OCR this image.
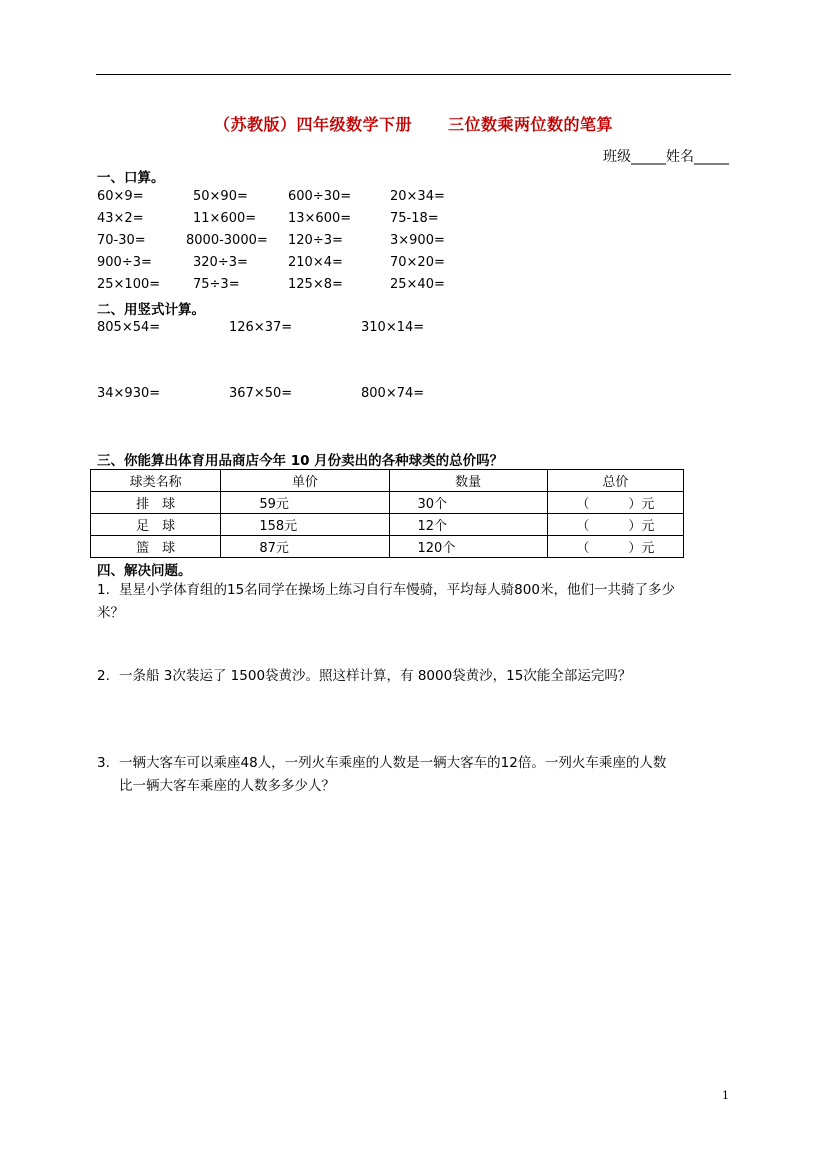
（苏教版）四年级数学下册 三位数乘两位数的笔算
班级_____姓名_____
一、口算。
60×9=	50×90=	600÷30=	20×34=
43×2=	11×600= 13×600=	75-18=
70-30=	8000-3000= 120÷3=	3×900=
900÷3=	320÷3=	210×4=	70×20=
25×100=	75÷3=	125×8=	25×40=
二、用竖式计算。
805×54=	126×37=	310×14=
34×930=	367×50=	800×74=
三、你能算出体育用品商店今年 10 月份卖出的各种球类的总价吗？
球类名称	单价	数量	总价
排　球	59元	30个	（　　　）元
足　球	158元	12个	（　　　）元
篮　球	87元	120个	（　　　）元
四、解决问题。
1. 星星小学体育组的15名同学在操场上练习自行车慢骑，平均每人骑800米，他们一共骑了多少
米？
2. 一条船 3次装运了 1500袋黄沙。照这样计算，有 8000袋黄沙，15次能全部运完吗？
3. 一辆大客车可以乘座48人，一列火车乘座的人数是一辆大客车的12倍。一列火车乘座的人数
比一辆大客车乘座的人数多多少人？
1
